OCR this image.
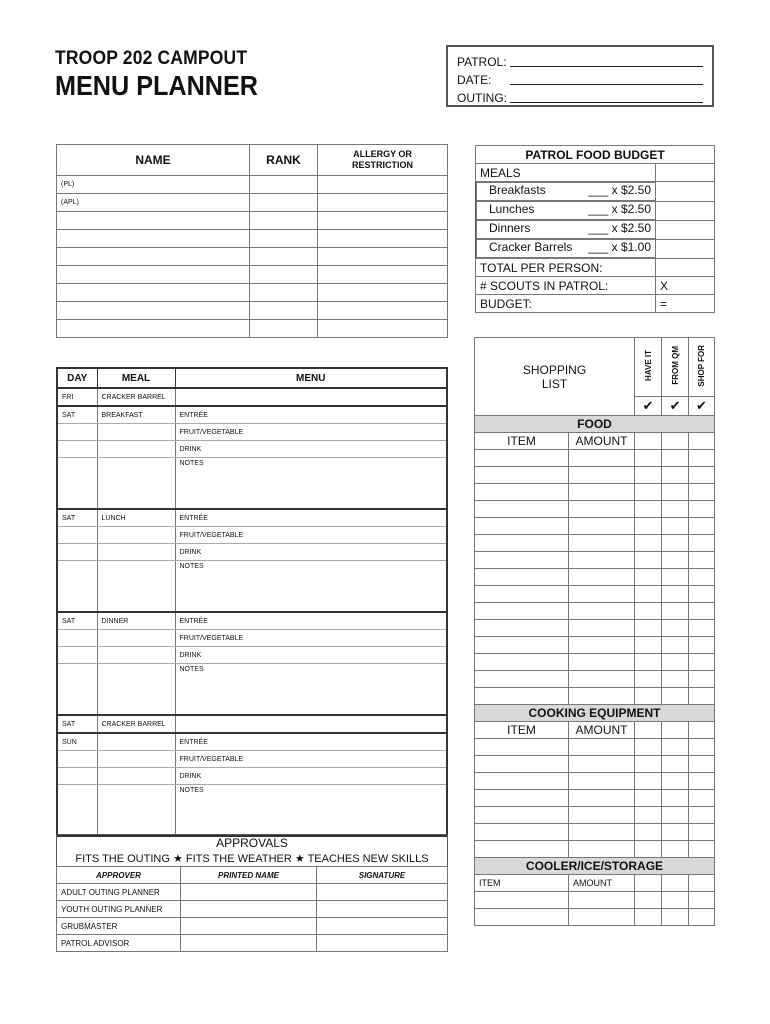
TROOP 202 CAMPOUT
MENU PLANNER
PATROL:
DATE:
OUTING:
NAME	RANK	ALLERGY OR RESTRICTION
(PL)		
(APL)		

PATROL FOOD BUDGET	
MEALS	

Breakfasts	___ x $2.50

Lunches	___ x $2.50

Dinners	___ x $2.50

Cracker Barrels ___ x $1.00

TOTAL PER PERSON:	
# SCOUTS IN PATROL:	X
BUDGET:	=
DAY	MEAL	MENU
FRI	CRACKER BARREL	
SAT	BREAKFAST	ENTRÉE
		FRUIT/VEGETABLE
		DRINK
		NOTES
SAT	LUNCH	ENTRÉE
		FRUIT/VEGETABLE
		DRINK
		NOTES
SAT	DINNER	ENTRÉE
		FRUIT/VEGETABLE
		DRINK
		NOTES
SAT	CRACKER BARREL	
SUN		ENTRÉE
		FRUIT/VEGETABLE
		DRINK
		NOTES
APPROVALS		
FITS THE OUTING ★ FITS THE WEATHER ★ TEACHES NEW SKILLS		
APPROVER	PRINTED NAME	SIGNATURE
ADULT OUTING PLANNER		
YOUTH OUTING PLANNER		
GRUBMASTER		
PATROL ADVISOR		
SHOPPING
LIST		HAVE IT	FROM QM	SHOP FOR
		✔	✔	✔
FOOD				
ITEM	AMOUNT			

COOKING EQUIPMENT				
ITEM	AMOUNT			

COOLER/ICE/STORAGE				
ITEM	AMOUNT			
